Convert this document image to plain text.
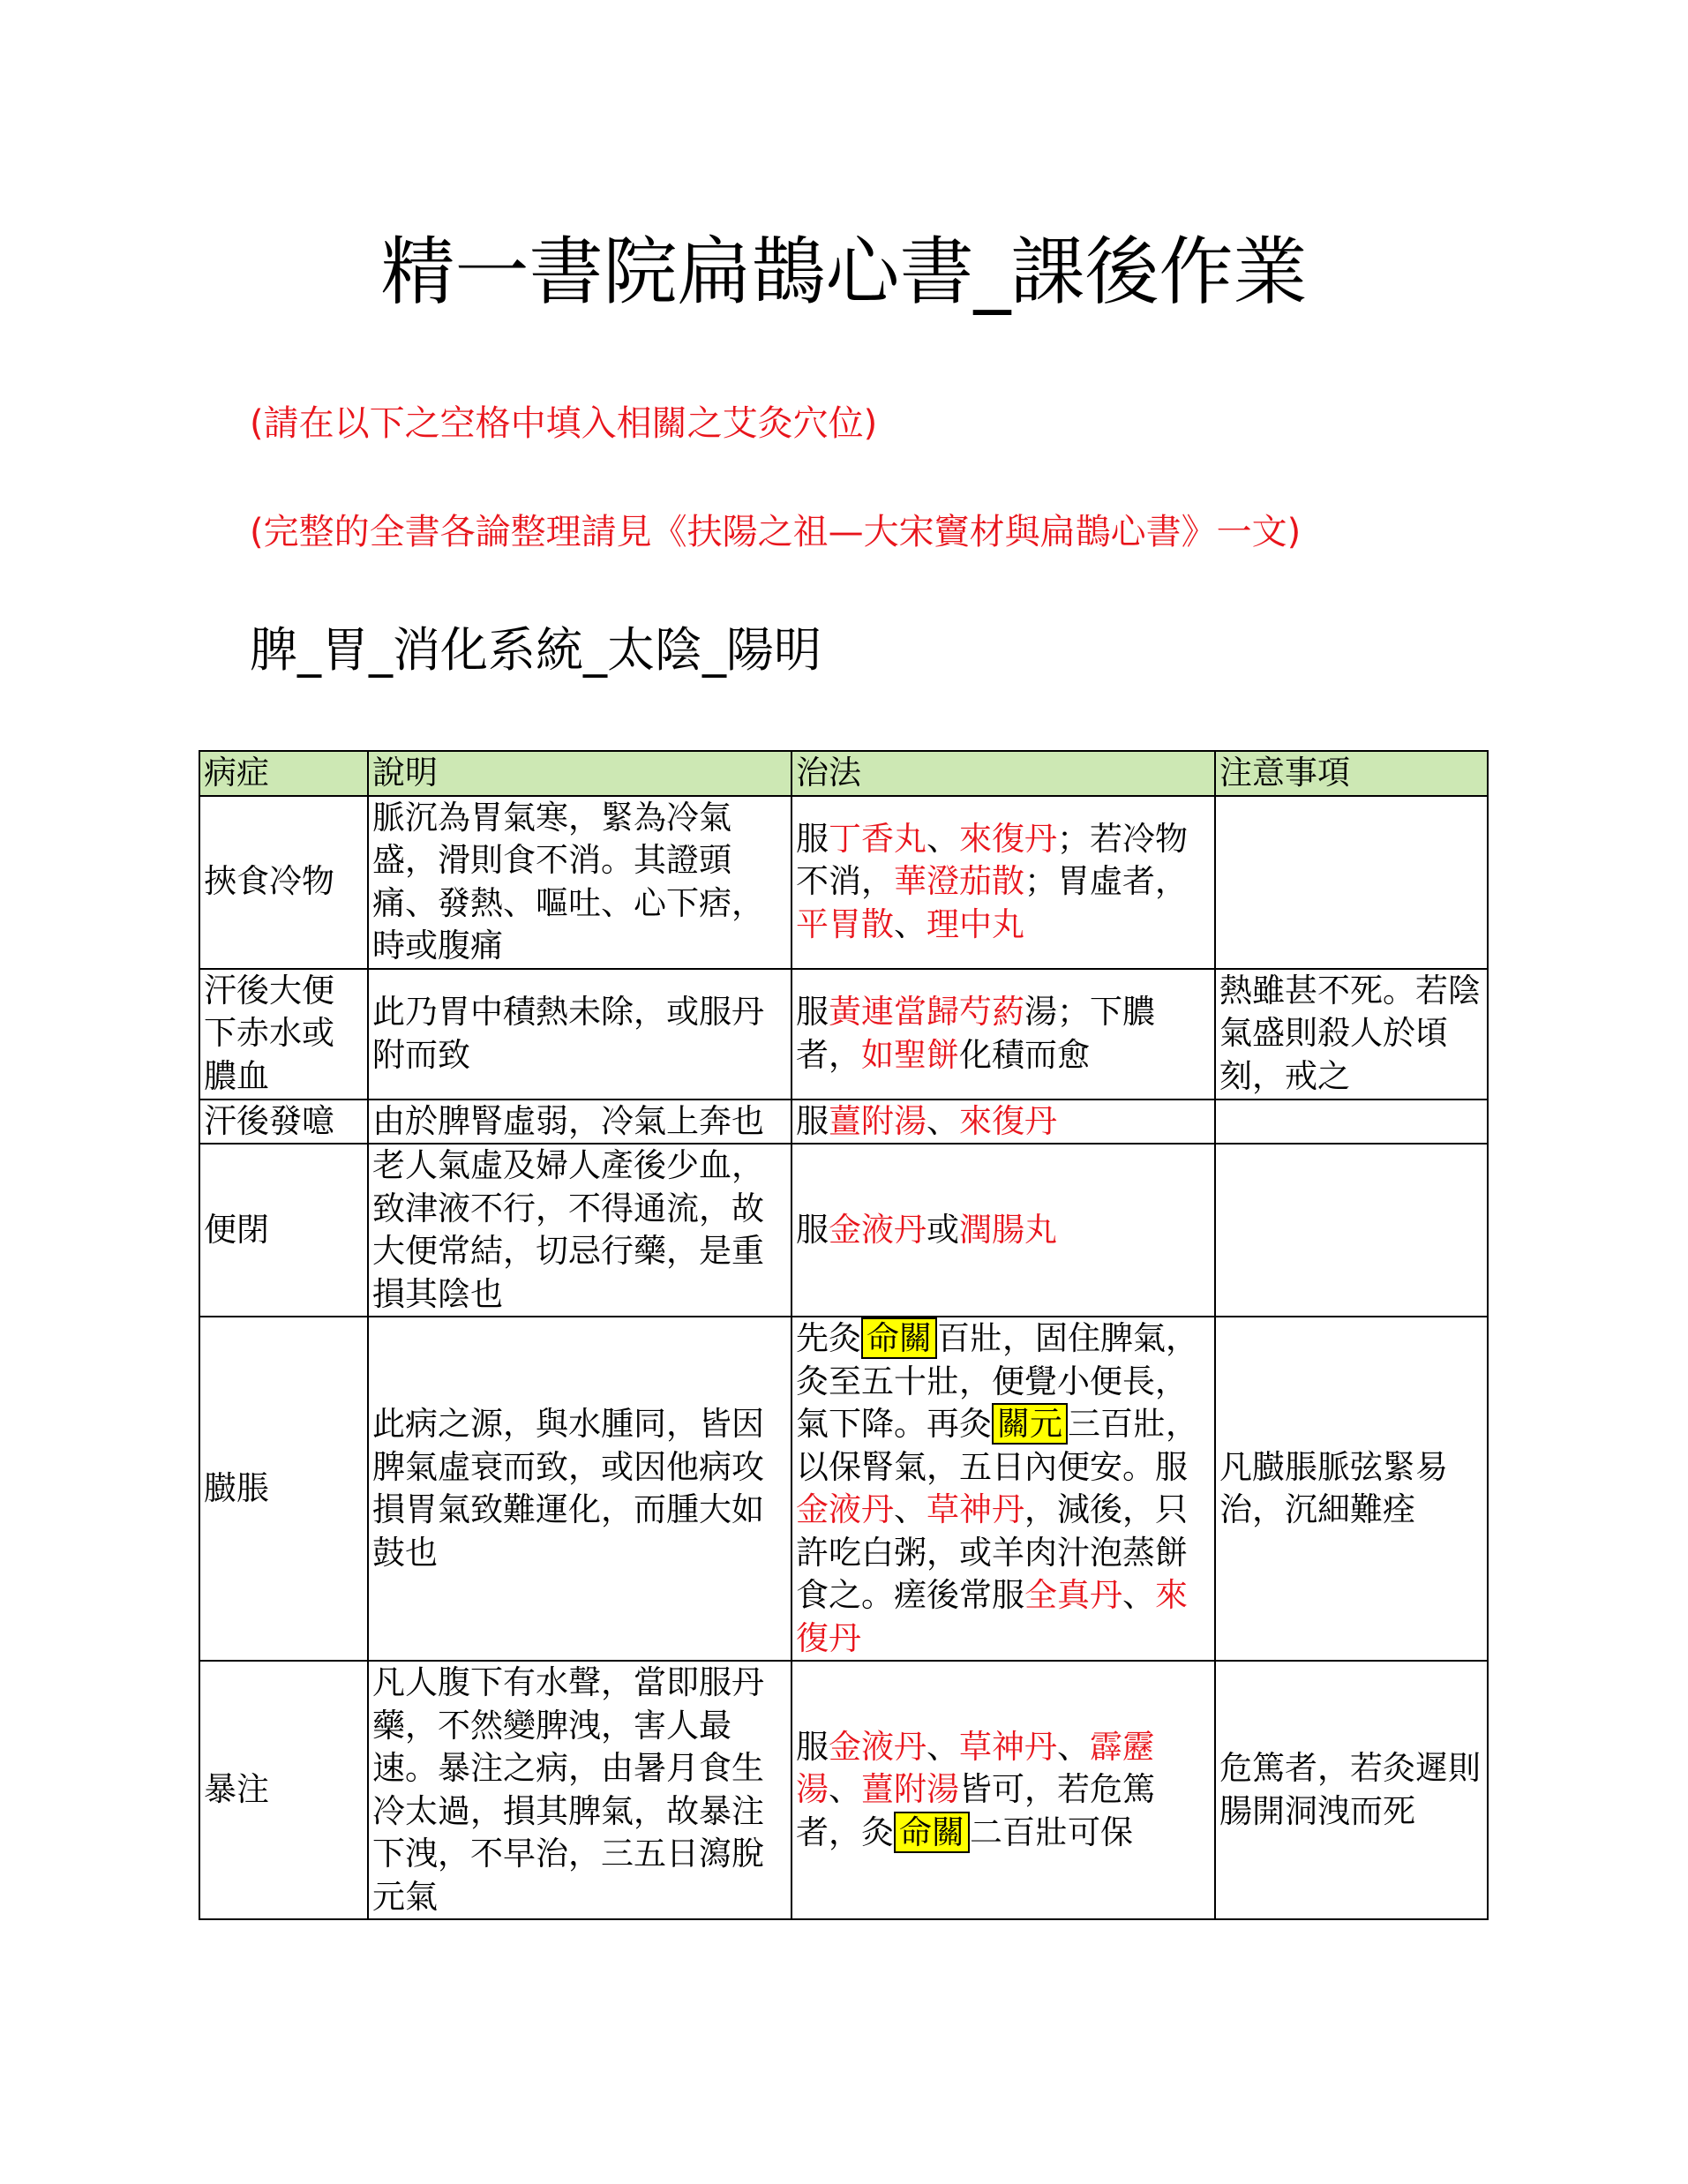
精一書院扁鵲心書_課後作業
(請在以下之空格中填入相關之艾灸穴位)
(完整的全書各論整理請見《扶陽之祖—大宋竇材與扁鵲心書》一文)
脾_胃_消化系統_太陰_陽明
病症	說明	治法	注意事項
挾食冷物	脈沉為胃氣寒，緊為冷氣盛，滑則食不消。其證頭痛、發熱、嘔吐、心下痞，時或腹痛	服丁香丸、來復丹；若冷物不消，華澄茄散；胃虛者，平胃散、理中丸	
汗後大便下赤水或膿血	此乃胃中積熱未除，或服丹附而致	服黃連當歸芍葯湯；下膿者，如聖餅化積而愈	熱雖甚不死。若陰氣盛則殺人於頃刻，戒之
汗後發噫	由於脾腎虛弱，冷氣上奔也	服薑附湯、來復丹	
便閉	老人氣虛及婦人產後少血，致津液不行，不得通流，故大便常結，切忌行藥，是重損其陰也	服金液丹或潤腸丸	
臌脹	此病之源，與水腫同，皆因脾氣虛衰而致，或因他病攻損胃氣致難運化，而腫大如鼓也	先灸 命關 百壯，固住脾氣，灸至五十壯，便覺小便長，氣下降。再灸 關元 三百壯，以保腎氣，五日內便安。服金液丹、草神丹，減後，只許吃白粥，或羊肉汁泡蒸餅食之。瘥後常服全真丹、來復丹	凡臌脹脈弦緊易治，沉細難痊
暴注	凡人腹下有水聲，當即服丹藥，不然變脾洩，害人最速。暴注之病，由暑月食生冷太過，損其脾氣，故暴注下洩，不早治，三五日瀉脫元氣	服金液丹、草神丹、霹靂湯、薑附湯皆可，若危篤者，灸 命關 二百壯可保	危篤者，若灸遲則腸開洞洩而死
